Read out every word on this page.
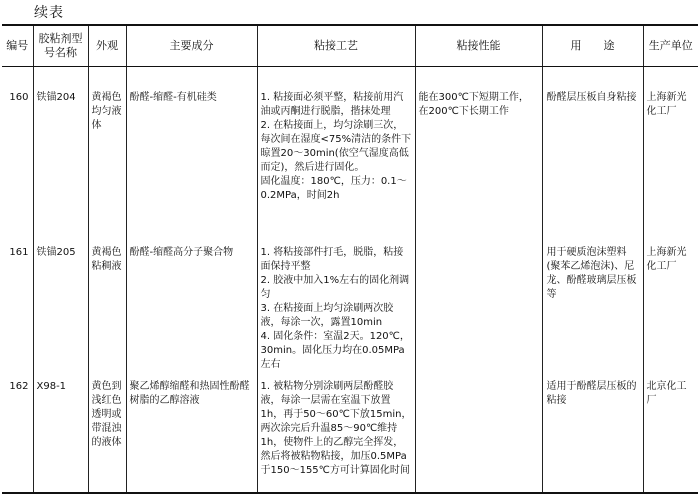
续表
编号	胶粘剂型号名称	外观	主要成分	粘接工艺	粘接性能	用　　途	生产单位
160	铁锚204	黄褐色均匀液体	酚醛-缩醛-有机硅类	1. 粘接面必须平整，粘接前用汽油或丙酮进行脱脂，揩抹处理
2. 在粘接面上，均匀涂刷三次，每次间在湿度<75%清洁的条件下晾置20～30min(依空气湿度高低而定)，然后进行固化。
固化温度：180℃，压力：0.1～0.2MPa，时间2h	能在300℃下短期工作，在200℃下长期工作	酚醛层压板自身粘接	上海新光化工厂
161	铁锚205	黄褐色粘稠液	酚醛-缩醛高分子聚合物	1. 将粘接部件打毛，脱脂，粘接面保持平整
2. 胶液中加入1%左右的固化剂调匀
3. 在粘接面上均匀涂刷两次胶液，每涂一次，露置10min
4. 固化条件：室温2天。120℃，30min。固化压力均在0.05MPa左右		用于硬质泡沫塑料(聚苯乙烯泡沫)、尼龙、酚醛玻璃层压板等	上海新光化工厂
162	X98-1	黄色到浅红色透明或带混浊的液体	聚乙烯醇缩醛和热固性酚醛树脂的乙醇溶液	1. 被粘物分别涂刷两层酚醛胶液，每涂一层需在室温下放置1h，再于50～60℃下放15min，两次涂完后升温85～90℃维持1h，使物件上的乙醇完全挥发，然后将被粘物粘接，加压0.5MPa于150～155℃方可计算固化时间		适用于酚醛层压板的粘接	北京化工厂
